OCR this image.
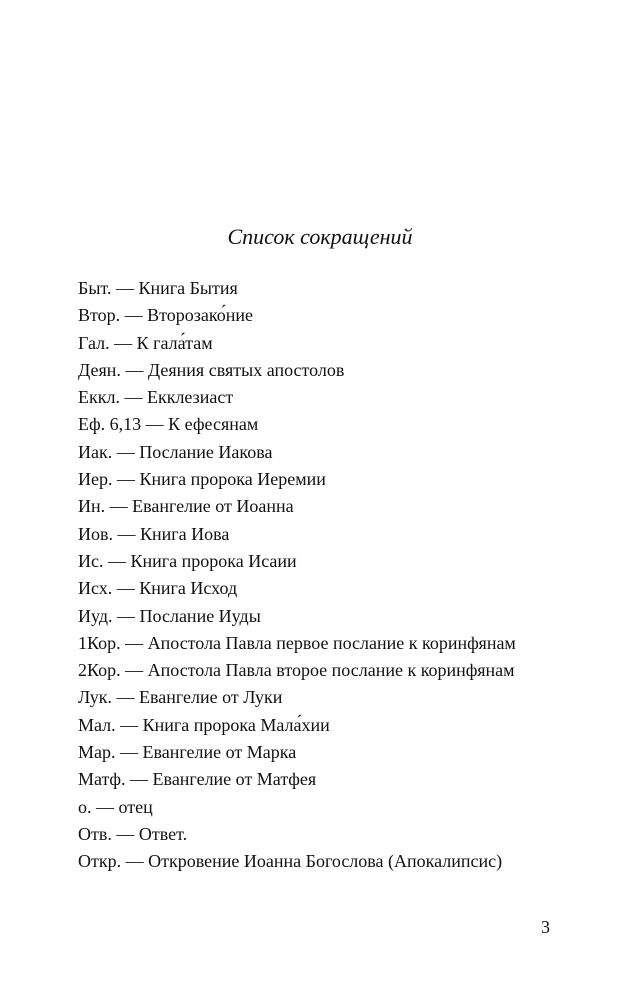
Список сокращений
Быт. — Книга Бытия
Втор. — Второзако́ние
Гал. — К гала́там
Деян. — Деяния святых апостолов
Еккл. — Екклезиаст
Еф. 6,13 — К ефесянам
Иак. — Послание Иакова
Иер. — Книга пророка Иеремии
Ин. — Евангелие от Иоанна
Иов. — Книга Иова
Ис. — Книга пророка Исаии
Исх. — Книга Исход
Иуд. — Послание Иуды
1Кор. — Апостола Павла первое послание к коринфянам
2Кор. — Апостола Павла второе послание к коринфянам
Лук. — Евангелие от Луки
Мал. — Книга пророка Мала́хии
Мар. — Евангелие от Марка
Матф. — Евангелие от Матфея
о. — отец
Отв. — Ответ.
Откр. — Откровение Иоанна Богослова (Апокалипсис)
3
